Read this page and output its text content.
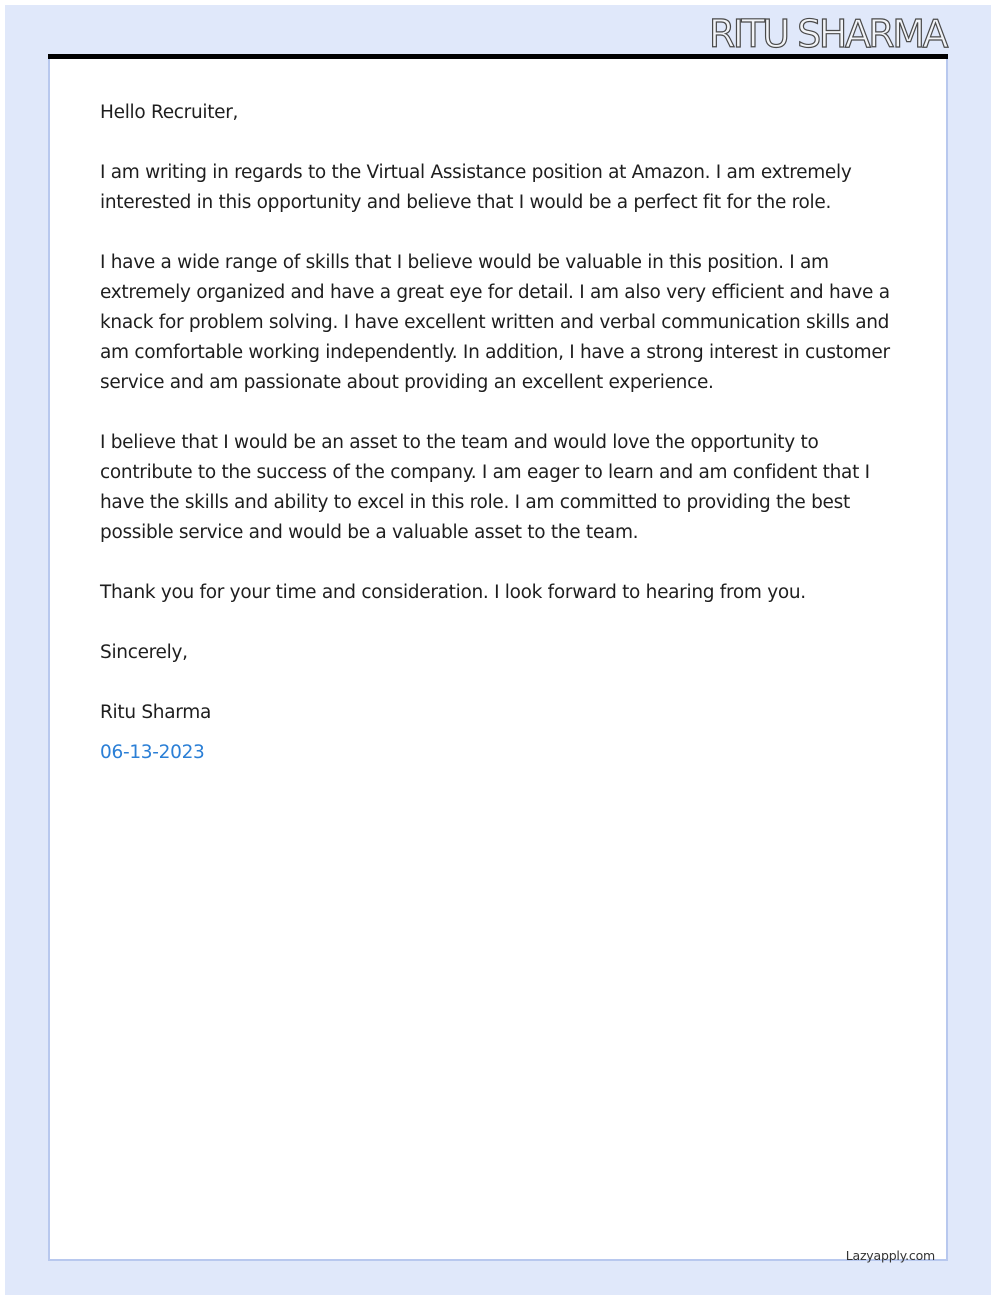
RITU SHARMA

Hello Recruiter,

I am writing in regards to the Virtual Assistance position at Amazon. I am extremely interested in this opportunity and believe that I would be a perfect fit for the role.

I have a wide range of skills that I believe would be valuable in this position. I am extremely organized and have a great eye for detail. I am also very efficient and have a knack for problem solving. I have excellent written and verbal communication skills and am comfortable working independently. In addition, I have a strong interest in customer service and am passionate about providing an excellent experience.

I believe that I would be an asset to the team and would love the opportunity to contribute to the success of the company. I am eager to learn and am confident that I have the skills and ability to excel in this role. I am committed to providing the best possible service and would be a valuable asset to the team.

Thank you for your time and consideration. I look forward to hearing from you.

Sincerely,

Ritu Sharma

06-13-2023
Lazyapply.com
